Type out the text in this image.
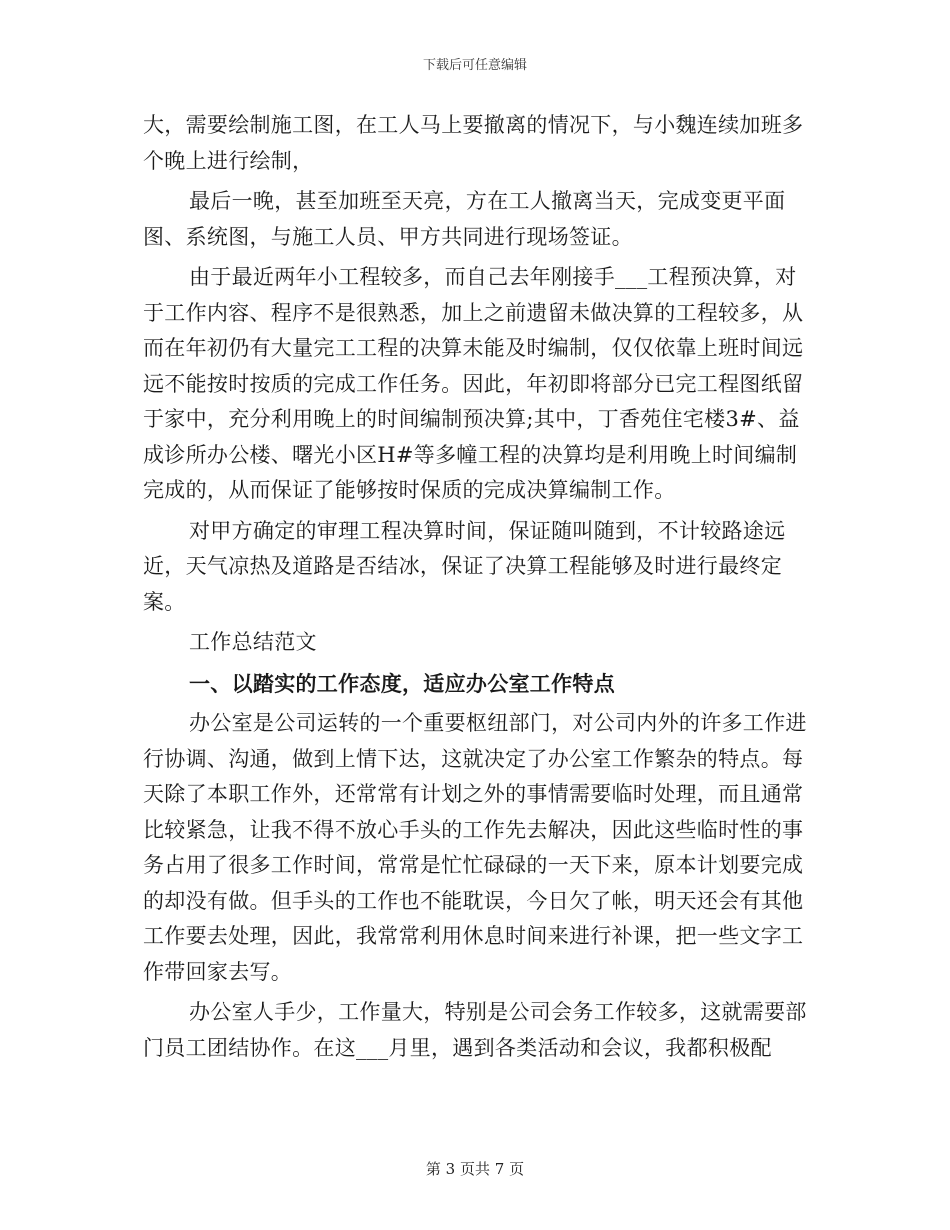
下载后可任意编辑

大，需要绘制施工图，在工人马上要撤离的情况下，与小魏连续加班多个晚上进行绘制，

最后一晚，甚至加班至天亮，方在工人撤离当天，完成变更平面图、系统图，与施工人员、甲方共同进行现场签证。

由于最近两年小工程较多，而自己去年刚接手___工程预决算，对于工作内容、程序不是很熟悉，加上之前遗留未做决算的工程较多，从而在年初仍有大量完工工程的决算未能及时编制，仅仅依靠上班时间远远不能按时按质的完成工作任务。因此，年初即将部分已完工程图纸留于家中，充分利用晚上的时间编制预决算;其中，丁香苑住宅楼3#、益成诊所办公楼、曙光小区H#等多幢工程的决算均是利用晚上时间编制完成的，从而保证了能够按时保质的完成决算编制工作。

对甲方确定的审理工程决算时间，保证随叫随到，不计较路途远近，天气凉热及道路是否结冰，保证了决算工程能够及时进行最终定案。

工作总结范文

一、以踏实的工作态度，适应办公室工作特点

办公室是公司运转的一个重要枢纽部门，对公司内外的许多工作进行协调、沟通，做到上情下达，这就决定了办公室工作繁杂的特点。每天除了本职工作外，还常常有计划之外的事情需要临时处理，而且通常比较紧急，让我不得不放心手头的工作先去解决，因此这些临时性的事务占用了很多工作时间，常常是忙忙碌碌的一天下来，原本计划要完成的却没有做。但手头的工作也不能耽误，今日欠了帐，明天还会有其他工作要去处理，因此，我常常利用休息时间来进行补课，把一些文字工作带回家去写。

办公室人手少，工作量大，特别是公司会务工作较多，这就需要部门员工团结协作。在这___月里，遇到各类活动和会议，我都积极配

第 3 页共 7 页
